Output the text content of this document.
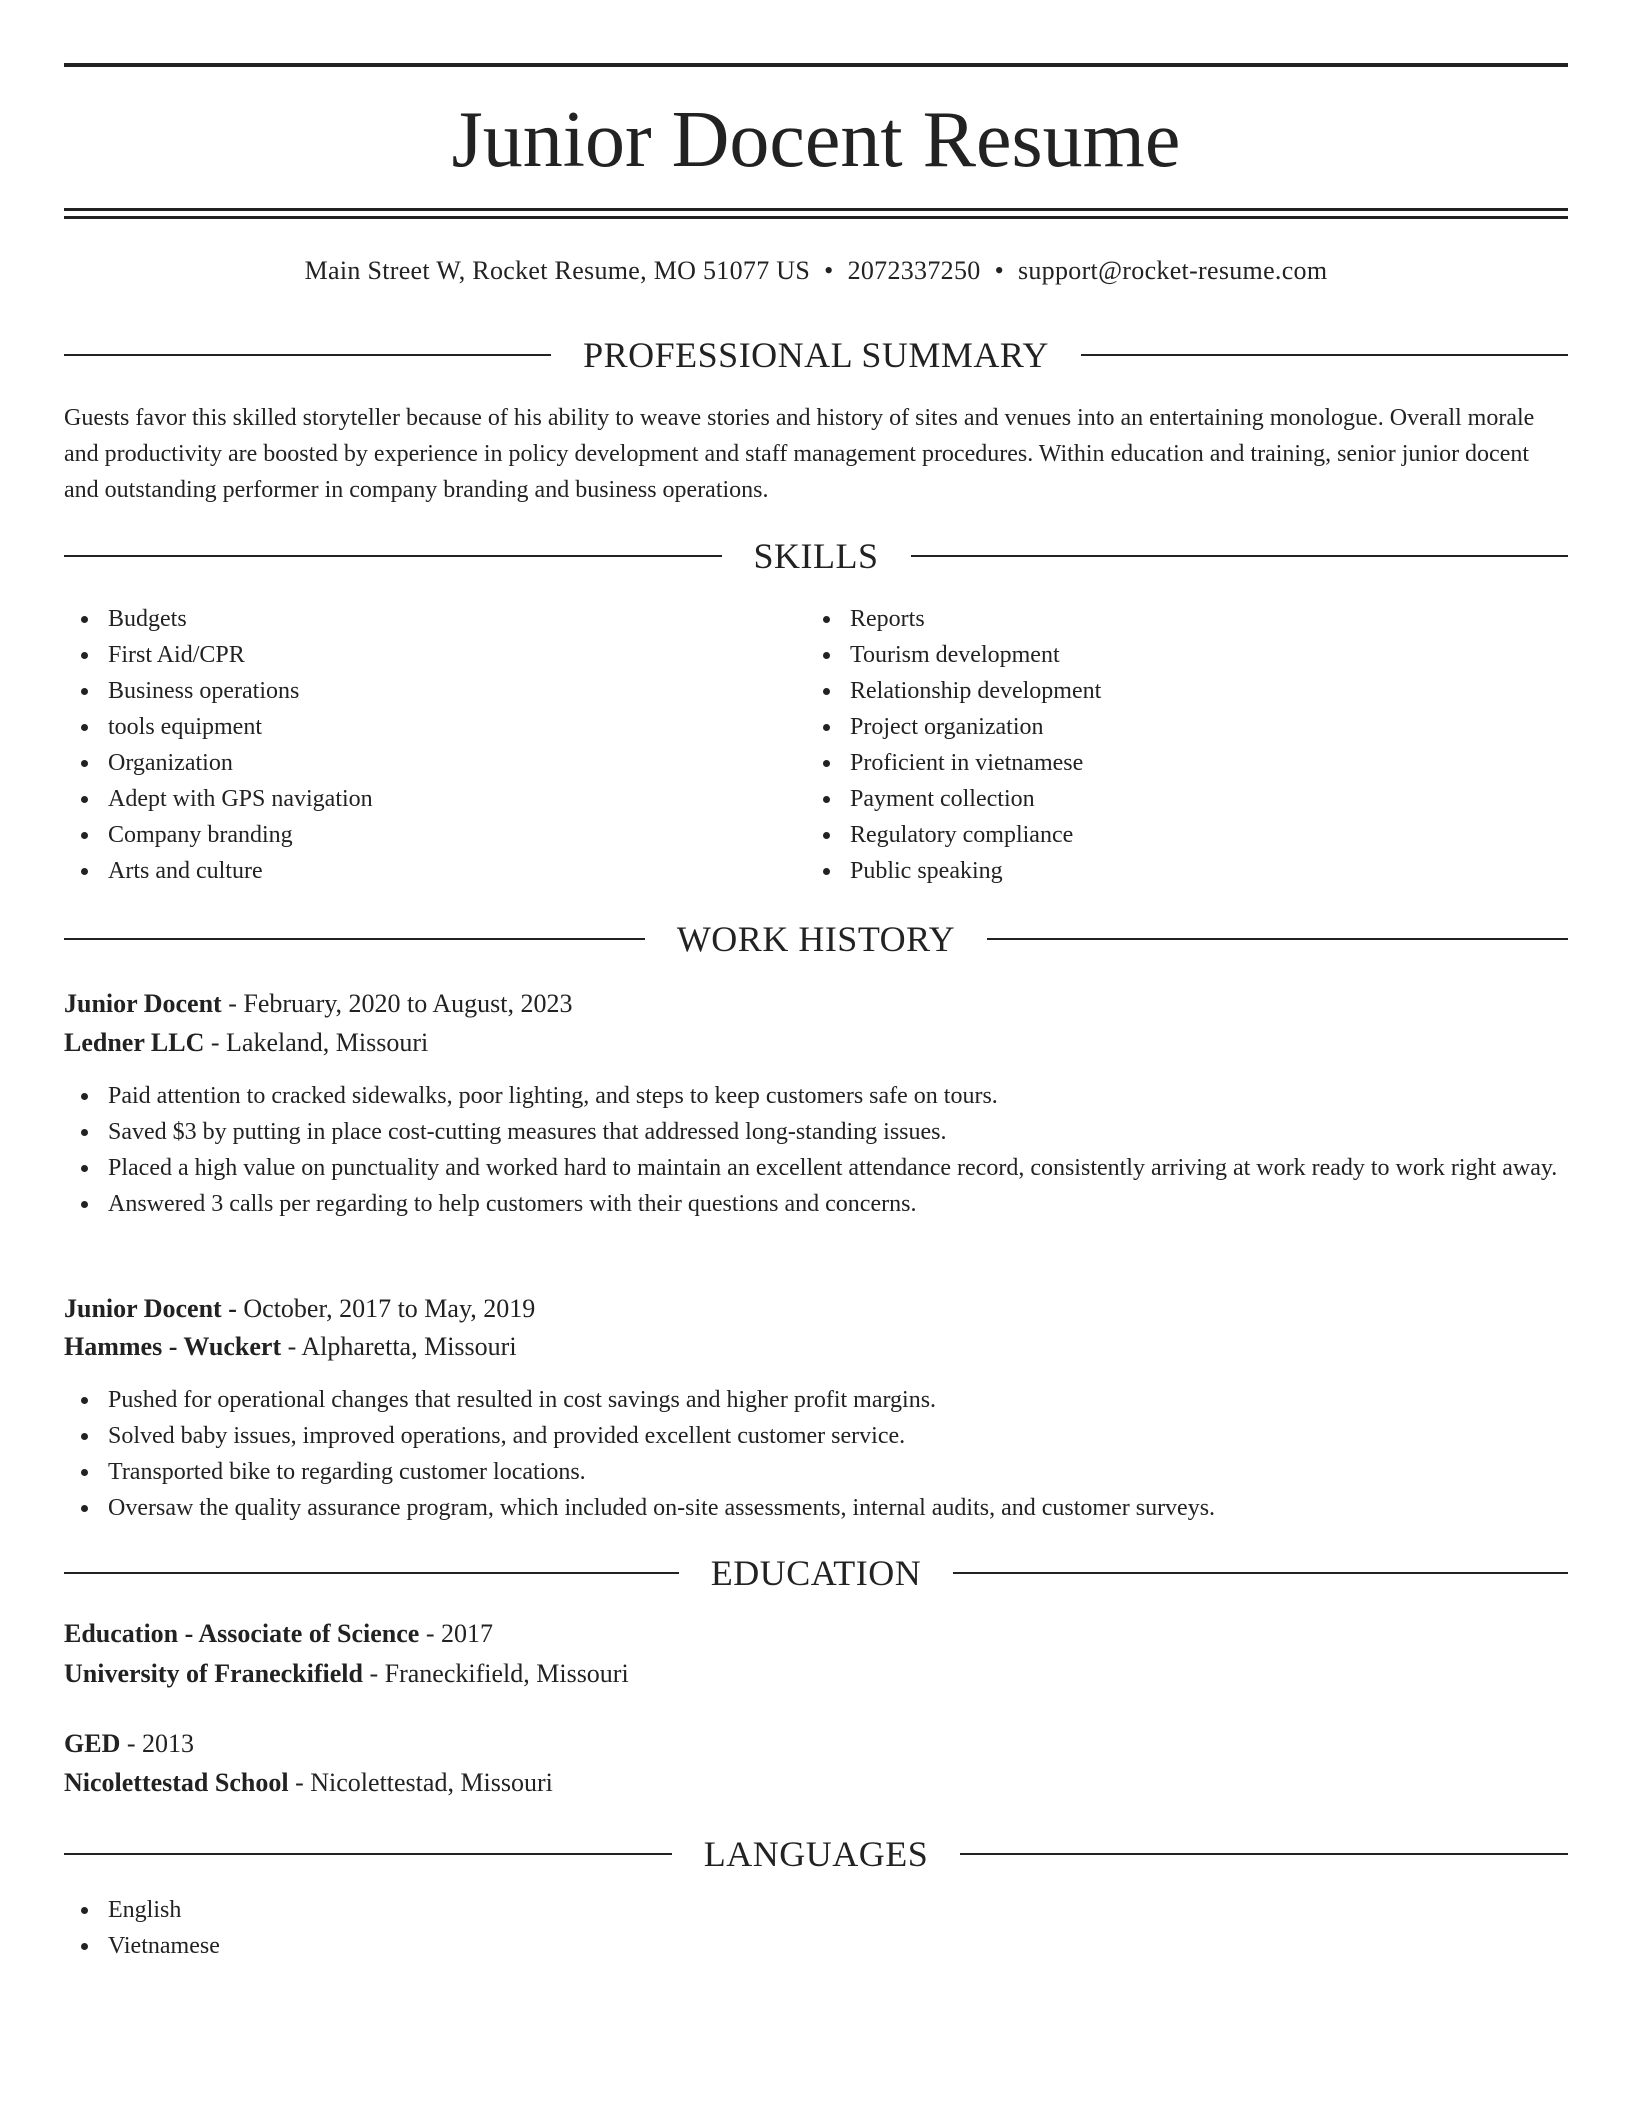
Junior Docent Resume
Main Street W, Rocket Resume, MO 51077 US • 2072337250 • support@rocket-resume.com
PROFESSIONAL SUMMARY

Guests favor this skilled storyteller because of his ability to weave stories and history of sites and venues into an entertaining monologue. Overall morale and productivity are boosted by experience in policy development and staff management procedures. Within education and training, senior junior docent and outstanding performer in company branding and business operations.

SKILLS
Budgets
First Aid/CPR
Business operations
tools equipment
Organization
Adept with GPS navigation
Company branding
Arts and culture
Reports
Tourism development
Relationship development
Project organization
Proficient in vietnamese
Payment collection
Regulatory compliance
Public speaking
WORK HISTORY
Junior Docent - February, 2020 to August, 2023
Ledner LLC - Lakeland, Missouri
Paid attention to cracked sidewalks, poor lighting, and steps to keep customers safe on tours.
Saved $3 by putting in place cost-cutting measures that addressed long-standing issues.
Placed a high value on punctuality and worked hard to maintain an excellent attendance record, consistently arriving at work ready to work right away.
Answered 3 calls per regarding to help customers with their questions and concerns.
Junior Docent - October, 2017 to May, 2019
Hammes - Wuckert - Alpharetta, Missouri
Pushed for operational changes that resulted in cost savings and higher profit margins.
Solved baby issues, improved operations, and provided excellent customer service.
Transported bike to regarding customer locations.
Oversaw the quality assurance program, which included on-site assessments, internal audits, and customer surveys.
EDUCATION
Education - Associate of Science - 2017
University of Franeckifield - Franeckifield, Missouri
GED - 2013
Nicolettestad School - Nicolettestad, Missouri
LANGUAGES
English
Vietnamese
